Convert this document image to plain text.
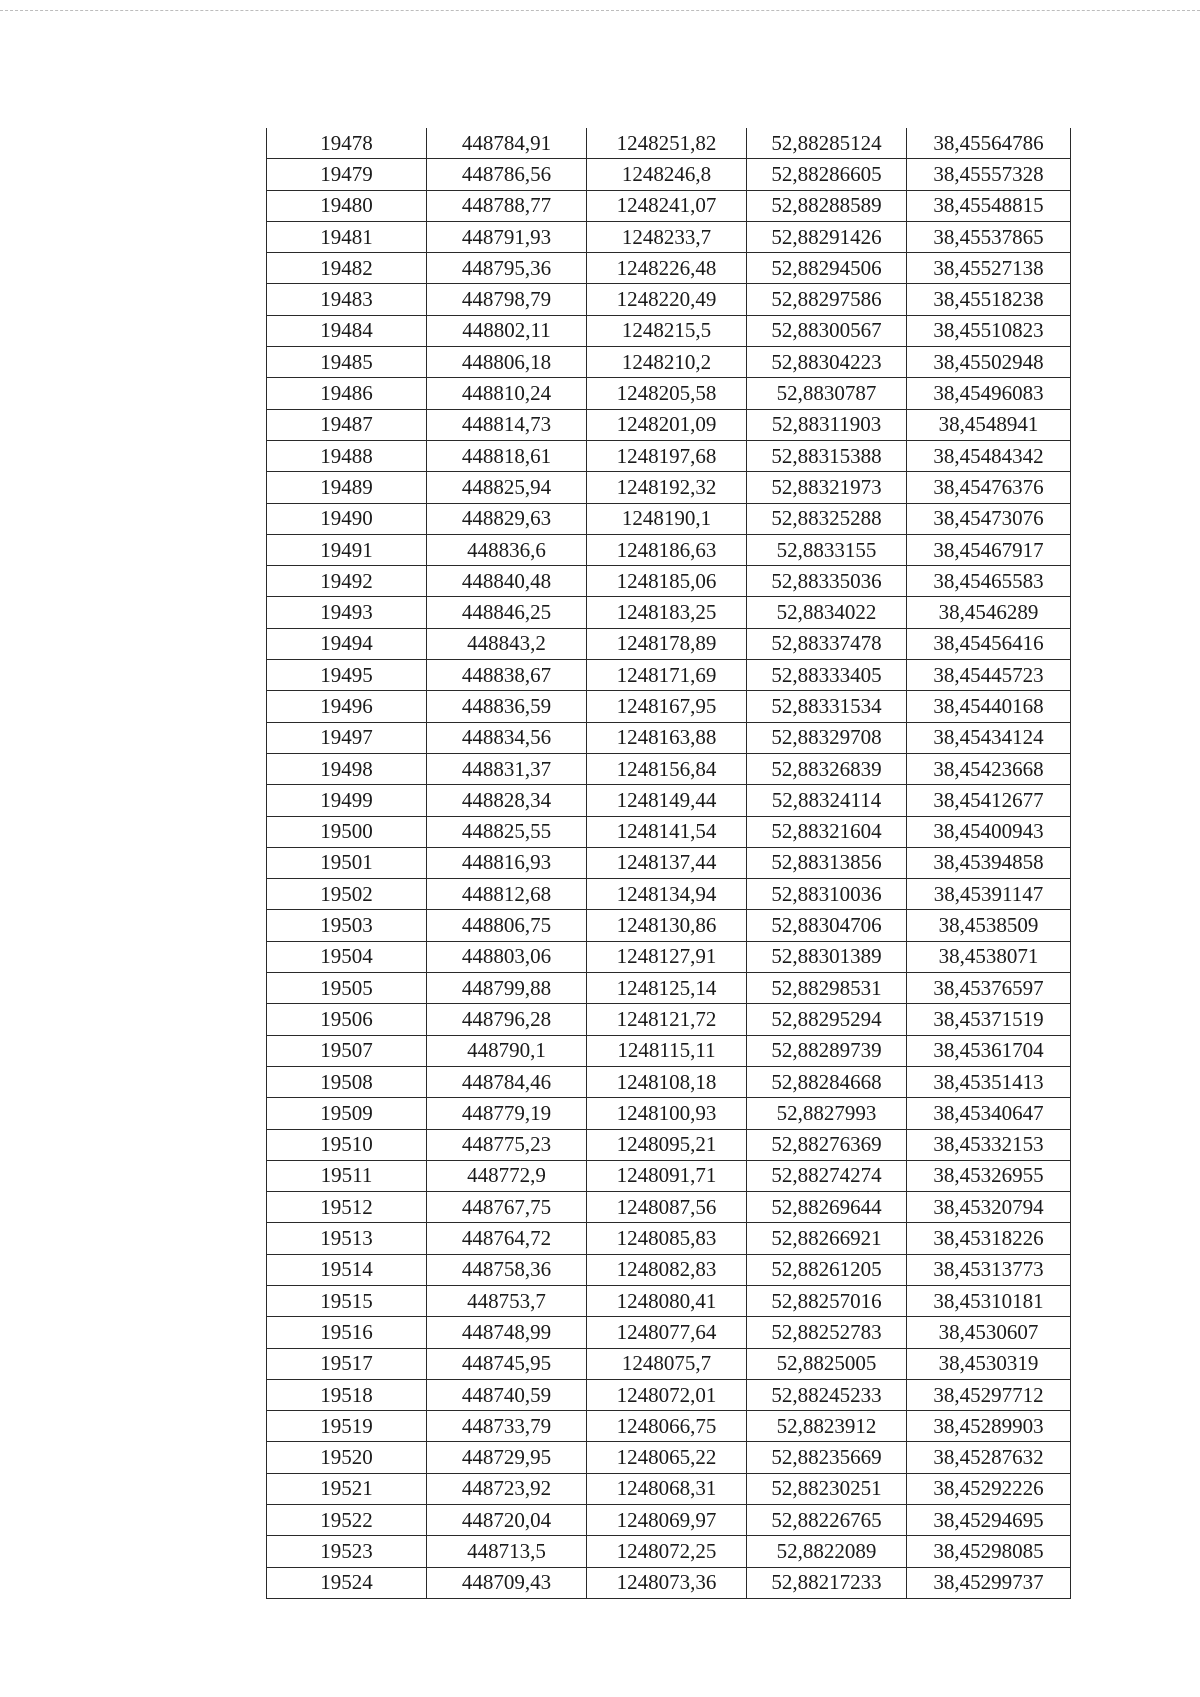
19478	448784,91	1248251,82	52,88285124	38,45564786
19479	448786,56	1248246,8	52,88286605	38,45557328
19480	448788,77	1248241,07	52,88288589	38,45548815
19481	448791,93	1248233,7	52,88291426	38,45537865
19482	448795,36	1248226,48	52,88294506	38,45527138
19483	448798,79	1248220,49	52,88297586	38,45518238
19484	448802,11	1248215,5	52,88300567	38,45510823
19485	448806,18	1248210,2	52,88304223	38,45502948
19486	448810,24	1248205,58	52,8830787	38,45496083
19487	448814,73	1248201,09	52,88311903	38,4548941
19488	448818,61	1248197,68	52,88315388	38,45484342
19489	448825,94	1248192,32	52,88321973	38,45476376
19490	448829,63	1248190,1	52,88325288	38,45473076
19491	448836,6	1248186,63	52,8833155	38,45467917
19492	448840,48	1248185,06	52,88335036	38,45465583
19493	448846,25	1248183,25	52,8834022	38,4546289
19494	448843,2	1248178,89	52,88337478	38,45456416
19495	448838,67	1248171,69	52,88333405	38,45445723
19496	448836,59	1248167,95	52,88331534	38,45440168
19497	448834,56	1248163,88	52,88329708	38,45434124
19498	448831,37	1248156,84	52,88326839	38,45423668
19499	448828,34	1248149,44	52,88324114	38,45412677
19500	448825,55	1248141,54	52,88321604	38,45400943
19501	448816,93	1248137,44	52,88313856	38,45394858
19502	448812,68	1248134,94	52,88310036	38,45391147
19503	448806,75	1248130,86	52,88304706	38,4538509
19504	448803,06	1248127,91	52,88301389	38,4538071
19505	448799,88	1248125,14	52,88298531	38,45376597
19506	448796,28	1248121,72	52,88295294	38,45371519
19507	448790,1	1248115,11	52,88289739	38,45361704
19508	448784,46	1248108,18	52,88284668	38,45351413
19509	448779,19	1248100,93	52,8827993	38,45340647
19510	448775,23	1248095,21	52,88276369	38,45332153
19511	448772,9	1248091,71	52,88274274	38,45326955
19512	448767,75	1248087,56	52,88269644	38,45320794
19513	448764,72	1248085,83	52,88266921	38,45318226
19514	448758,36	1248082,83	52,88261205	38,45313773
19515	448753,7	1248080,41	52,88257016	38,45310181
19516	448748,99	1248077,64	52,88252783	38,4530607
19517	448745,95	1248075,7	52,8825005	38,4530319
19518	448740,59	1248072,01	52,88245233	38,45297712
19519	448733,79	1248066,75	52,8823912	38,45289903
19520	448729,95	1248065,22	52,88235669	38,45287632
19521	448723,92	1248068,31	52,88230251	38,45292226
19522	448720,04	1248069,97	52,88226765	38,45294695
19523	448713,5	1248072,25	52,8822089	38,45298085
19524	448709,43	1248073,36	52,88217233	38,45299737
